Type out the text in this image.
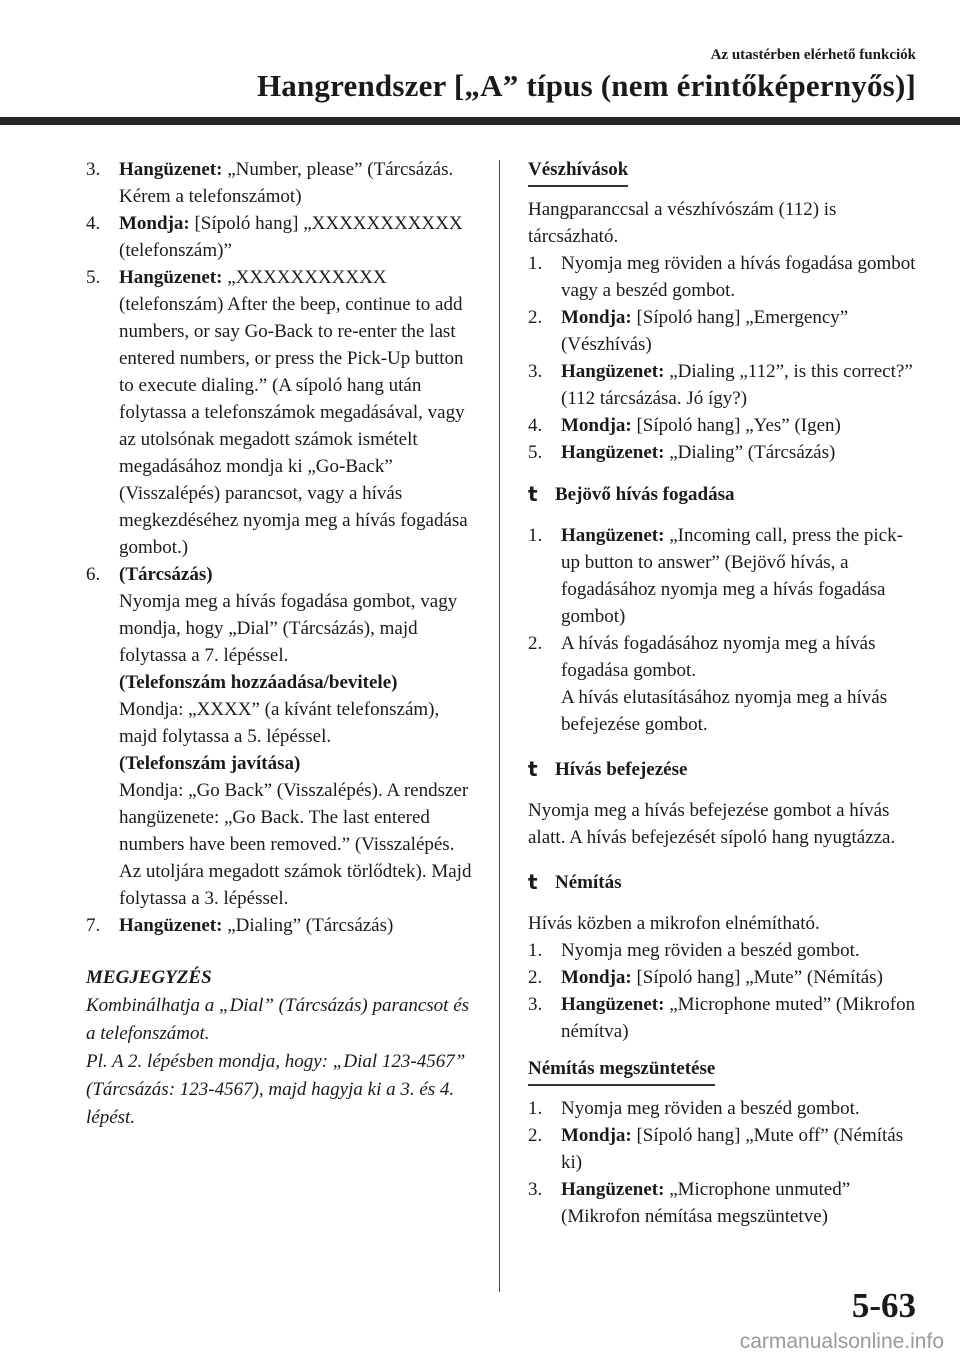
Az utastérben elérhető funkciók
Hangrendszer [„A” típus (nem érintőképernyős)]
3. Hangüzenet: „Number, please” (Tárcsázás. Kérem a telefonszámot)
4. Mondja: [Sípoló hang] „XXXXXXXXXXX (telefonszám)”
5. Hangüzenet: „XXXXXXXXXXX (telefonszám) After the beep, continue to add numbers, or say Go-Back to re-enter the last entered numbers, or press the Pick-Up button to execute dialing.” (A sípoló hang után folytassa a telefonszámok megadásával, vagy az utolsónak megadott számok ismételt megadásához mondja ki „Go-Back” (Visszalépés) parancsot, vagy a hívás megkezdéséhez nyomja meg a hívás fogadása gombot.)
6. (Tárcsázás)
Nyomja meg a hívás fogadása gombot, vagy mondja, hogy „Dial” (Tárcsázás), majd folytassa a 7. lépéssel.
(Telefonszám hozzáadása/bevitele)
Mondja: „XXXX” (a kívánt telefonszám), majd folytassa a 5. lépéssel.
(Telefonszám javítása)
Mondja: „Go Back” (Visszalépés). A rendszer hangüzenete: „Go Back. The last entered numbers have been removed.” (Visszalépés. Az utoljára megadott számok törlődtek). Majd folytassa a 3. lépéssel.
7. Hangüzenet: „Dialing” (Tárcsázás)
MEGJEGYZÉS
Kombinálhatja a „Dial” (Tárcsázás) parancsot és a telefonszámot.
Pl. A 2. lépésben mondja, hogy: „Dial 123-4567” (Tárcsázás: 123-4567), majd hagyja ki a 3. és 4. lépést.
Vészhívások

Hangparanccsal a vészhívószám (112) is tárcsázható.

1. Nyomja meg röviden a hívás fogadása gombot vagy a beszéd gombot.
2. Mondja: [Sípoló hang] „Emergency” (Vészhívás)
3. Hangüzenet: „Dialing „112”, is this correct?” (112 tárcsázása. Jó így?)
4. Mondja: [Sípoló hang] „Yes” (Igen)
5. Hangüzenet: „Dialing” (Tárcsázás)
t Bejövő hívás fogadása
1. Hangüzenet: „Incoming call, press the pick-up button to answer” (Bejövő hívás, a fogadásához nyomja meg a hívás fogadása gombot)
2. A hívás fogadásához nyomja meg a hívás fogadása gombot.
A hívás elutasításához nyomja meg a hívás befejezése gombot.
t Hívás befejezése

Nyomja meg a hívás befejezése gombot a hívás alatt. A hívás befejezését sípoló hang nyugtázza.

t Némítás

Hívás közben a mikrofon elnémítható.

1. Nyomja meg röviden a beszéd gombot.
2. Mondja: [Sípoló hang] „Mute” (Némítás)
3. Hangüzenet: „Microphone muted” (Mikrofon némítva)
Némítás megszüntetése
1. Nyomja meg röviden a beszéd gombot.
2. Mondja: [Sípoló hang] „Mute off” (Némítás ki)
3. Hangüzenet: „Microphone unmuted” (Mikrofon némítása megszüntetve)
5-63
carmanualsonline.info
